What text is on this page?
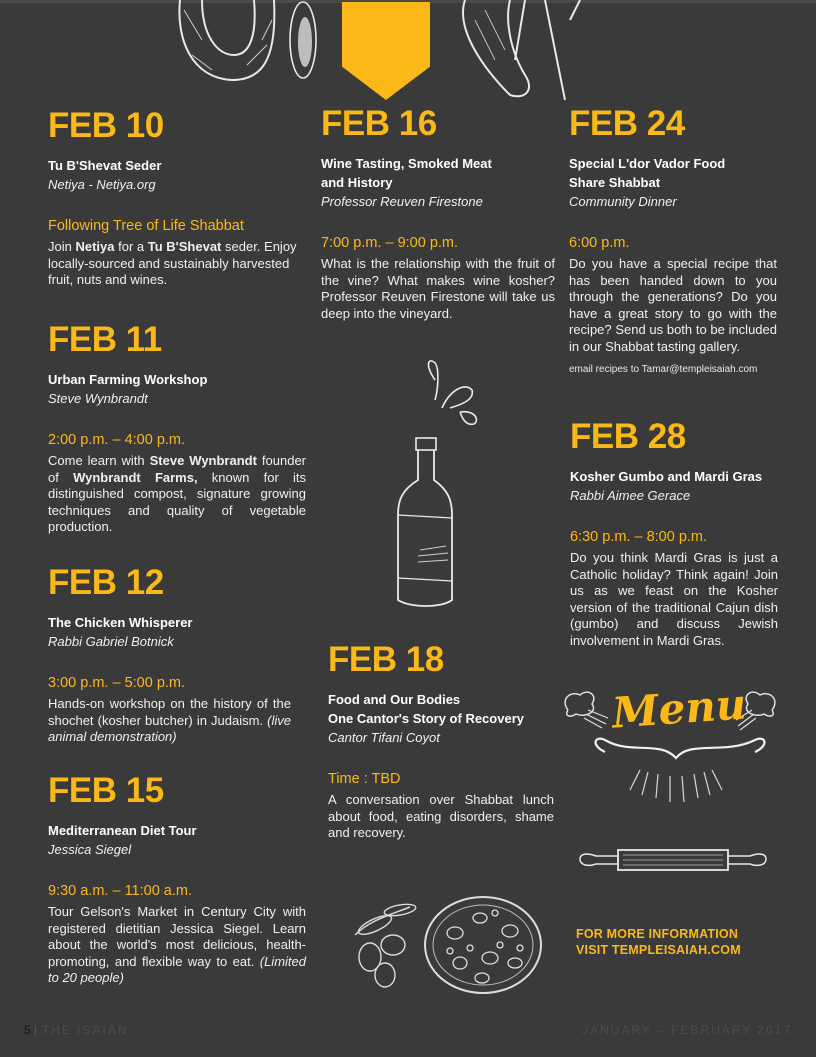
FEB 10
Tu B'Shevat Seder
Netiya - Netiya.org
Following Tree of Life Shabbat
Join Netiya for a Tu B'Shevat seder. Enjoy locally-sourced and sustainably harvested fruit, nuts and wines.
FEB 11
Urban Farming Workshop
Steve Wynbrandt
2:00 p.m. – 4:00 p.m.
Come learn with Steve Wynbrandt founder of Wynbrandt Farms, known for its distinguished compost, signature growing techniques and quality of vegetable production.
FEB 12
The Chicken Whisperer
Rabbi Gabriel Botnick
3:00 p.m. – 5:00 p.m.
Hands-on workshop on the history of the shochet (kosher butcher) in Judaism. (live animal demonstration)
FEB 15
Mediterranean Diet Tour
Jessica Siegel
9:30 a.m. – 11:00 a.m.
Tour Gelson's Market in Century City with registered dietitian Jessica Siegel. Learn about the world's most delicious, health-promoting, and flexible way to eat. (Limited to 20 people)
FEB 16
Wine Tasting, Smoked Meat
and History
Professor Reuven Firestone
7:00 p.m. – 9:00 p.m.
What is the relationship with the fruit of the vine? What makes wine kosher? Professor Reuven Firestone will take us deep into the vineyard.
FEB 18
Food and Our Bodies
One Cantor's Story of Recovery
Cantor Tifani Coyot
Time : TBD
A conversation over Shabbat lunch about food, eating disorders, shame and recovery.
FEB 24
Special L'dor Vador Food
Share Shabbat
Community Dinner
6:00 p.m.
Do you have a special recipe that has been handed down to you through the generations? Do you have a great story to go with the recipe? Send us both to be included in our Shabbat tasting gallery.
email recipes to Tamar@templeisaiah.com
FEB 28
Kosher Gumbo and Mardi Gras
Rabbi Aimee Gerace
6:30 p.m. – 8:00 p.m.
Do you think Mardi Gras is just a Catholic holiday? Think again! Join us as we feast on the Kosher version of the traditional Cajun dish (gumbo) and discuss Jewish involvement in Mardi Gras.
Menu
FOR MORE INFORMATION
VISIT TEMPLEISAIAH.COM
5 | THE ISAIAN	JANUARY – FEBRUARY 2017
